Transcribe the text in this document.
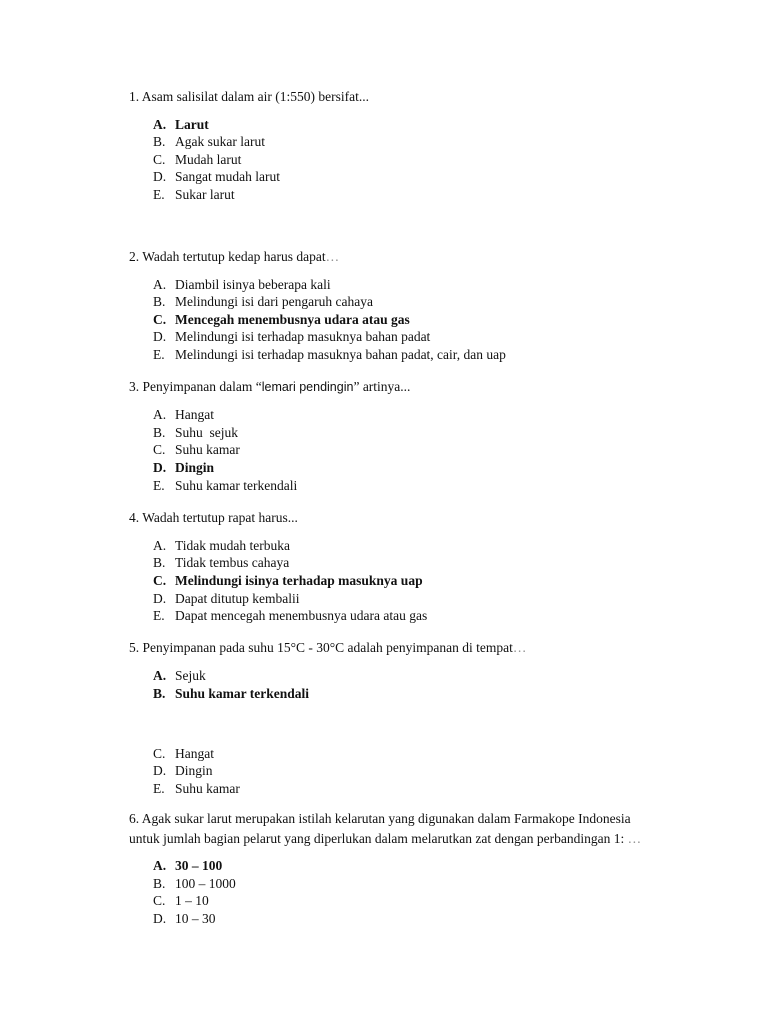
1. Asam salisilat dalam air (1:550) bersifat...
A. Larut
B. Agak sukar larut
C. Mudah larut
D. Sangat mudah larut
E. Sukar larut
2. Wadah tertutup kedap harus dapat…
A. Diambil isinya beberapa kali
B. Melindungi isi dari pengaruh cahaya
C. Mencegah menembusnya udara atau gas
D. Melindungi isi terhadap masuknya bahan padat
E. Melindungi isi terhadap masuknya bahan padat, cair, dan uap
3. Penyimpanan dalam “lemari pendingin” artinya...
A. Hangat
B. Suhu  sejuk
C. Suhu kamar
D. Dingin
E. Suhu kamar terkendali
4. Wadah tertutup rapat harus...
A. Tidak mudah terbuka
B. Tidak tembus cahaya
C. Melindungi isinya terhadap masuknya uap
D. Dapat ditutup kembalii
E. Dapat mencegah menembusnya udara atau gas
5. Penyimpanan pada suhu 15°C - 30°C adalah penyimpanan di tempat…
A. Sejuk
B. Suhu kamar terkendali
C. Hangat
D. Dingin
E. Suhu kamar
6. Agak sukar larut merupakan istilah kelarutan yang digunakan dalam Farmakope Indonesia
untuk jumlah bagian pelarut yang diperlukan dalam melarutkan zat dengan perbandingan 1: …
A. 30 – 100
B. 100 – 1000
C. 1 – 10
D. 10 – 30
